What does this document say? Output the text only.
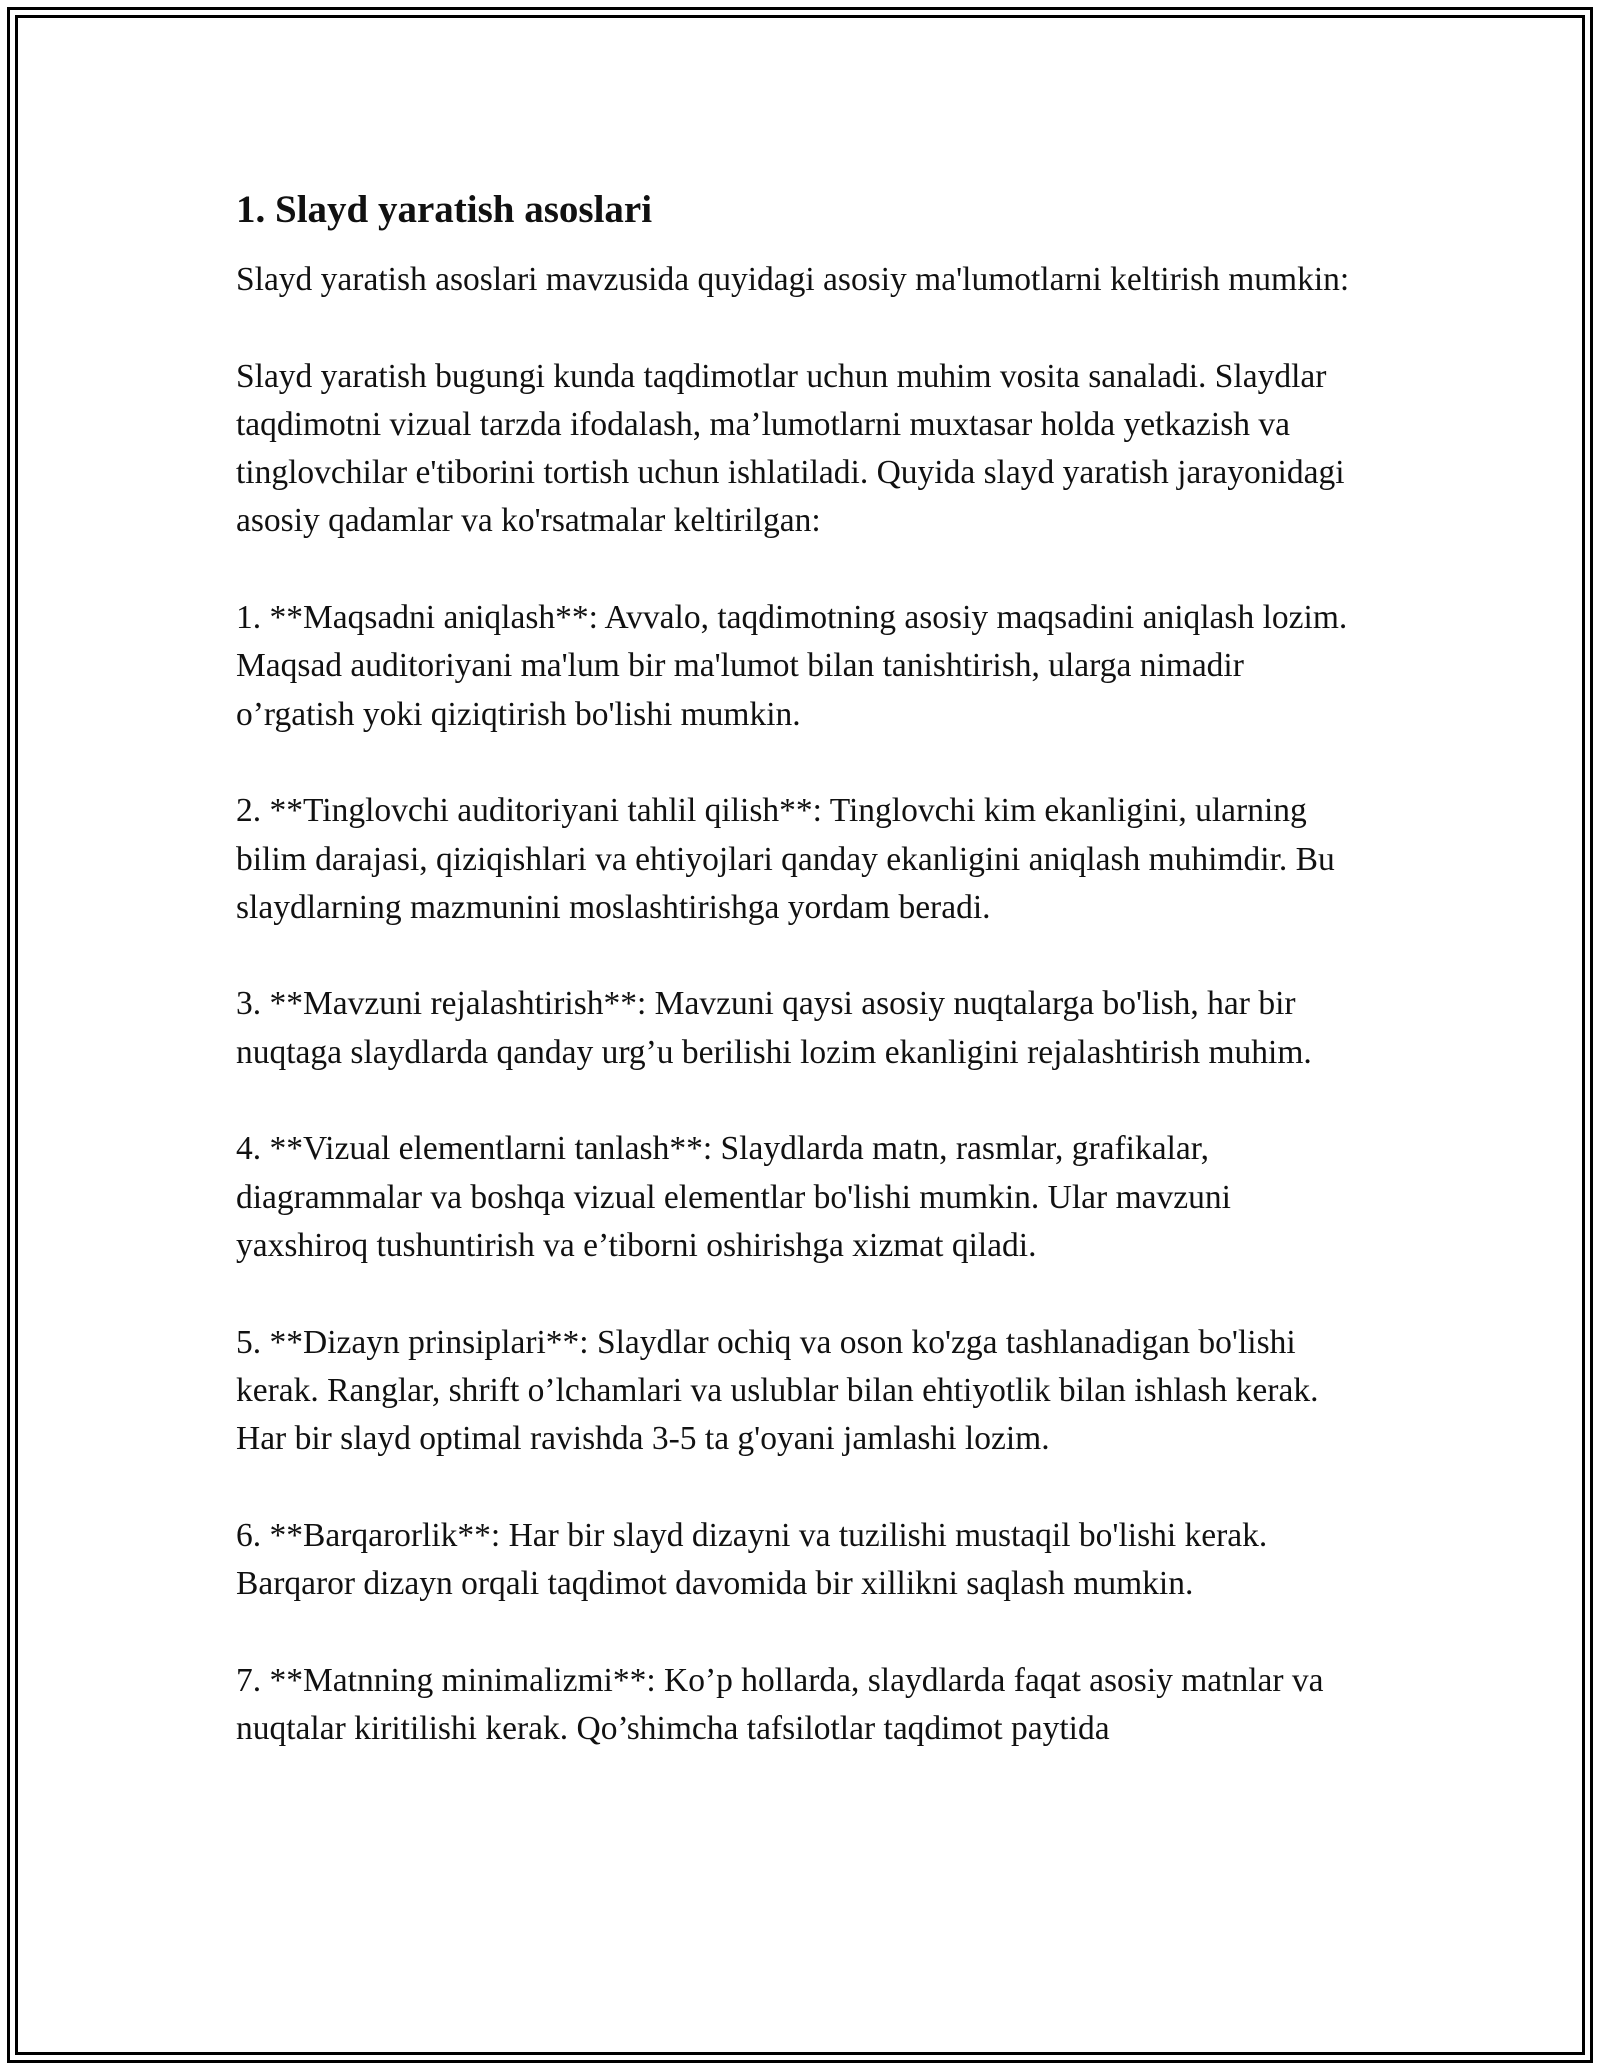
1. Slayd yaratish asoslari

Slayd yaratish asoslari mavzusida quyidagi asosiy ma'lumotlarni keltirish mumkin:

Slayd yaratish bugungi kunda taqdimotlar uchun muhim vosita sanaladi. Slaydlar taqdimotni vizual tarzda ifodalash, ma’lumotlarni muxtasar holda yetkazish va tinglovchilar e'tiborini tortish uchun ishlatiladi. Quyida slayd yaratish jarayonidagi asosiy qadamlar va ko'rsatmalar keltirilgan:

1. **Maqsadni aniqlash**: Avvalo, taqdimotning asosiy maqsadini aniqlash lozim. Maqsad auditoriyani ma'lum bir ma'lumot bilan tanishtirish, ularga nimadir o’rgatish yoki qiziqtirish bo'lishi mumkin.

2. **Tinglovchi auditoriyani tahlil qilish**: Tinglovchi kim ekanligini, ularning bilim darajasi, qiziqishlari va ehtiyojlari qanday ekanligini aniqlash muhimdir. Bu slaydlarning mazmunini moslashtirishga yordam beradi.

3. **Mavzuni rejalashtirish**: Mavzuni qaysi asosiy nuqtalarga bo'lish, har bir nuqtaga slaydlarda qanday urg’u berilishi lozim ekanligini rejalashtirish muhim.

4. **Vizual elementlarni tanlash**: Slaydlarda matn, rasmlar, grafikalar, diagrammalar va boshqa vizual elementlar bo'lishi mumkin. Ular mavzuni yaxshiroq tushuntirish va e’tiborni oshirishga xizmat qiladi.

5. **Dizayn prinsiplari**: Slaydlar ochiq va oson ko'zga tashlanadigan bo'lishi kerak. Ranglar, shrift o’lchamlari va uslublar bilan ehtiyotlik bilan ishlash kerak. Har bir slayd optimal ravishda 3-5 ta g'oyani jamlashi lozim.

6. **Barqarorlik**: Har bir slayd dizayni va tuzilishi mustaqil bo'lishi kerak. Barqaror dizayn orqali taqdimot davomida bir xillikni saqlash mumkin.

7. **Matnning minimalizmi**: Ko’p hollarda, slaydlarda faqat asosiy matnlar va nuqtalar kiritilishi kerak. Qo’shimcha tafsilotlar taqdimot paytida
